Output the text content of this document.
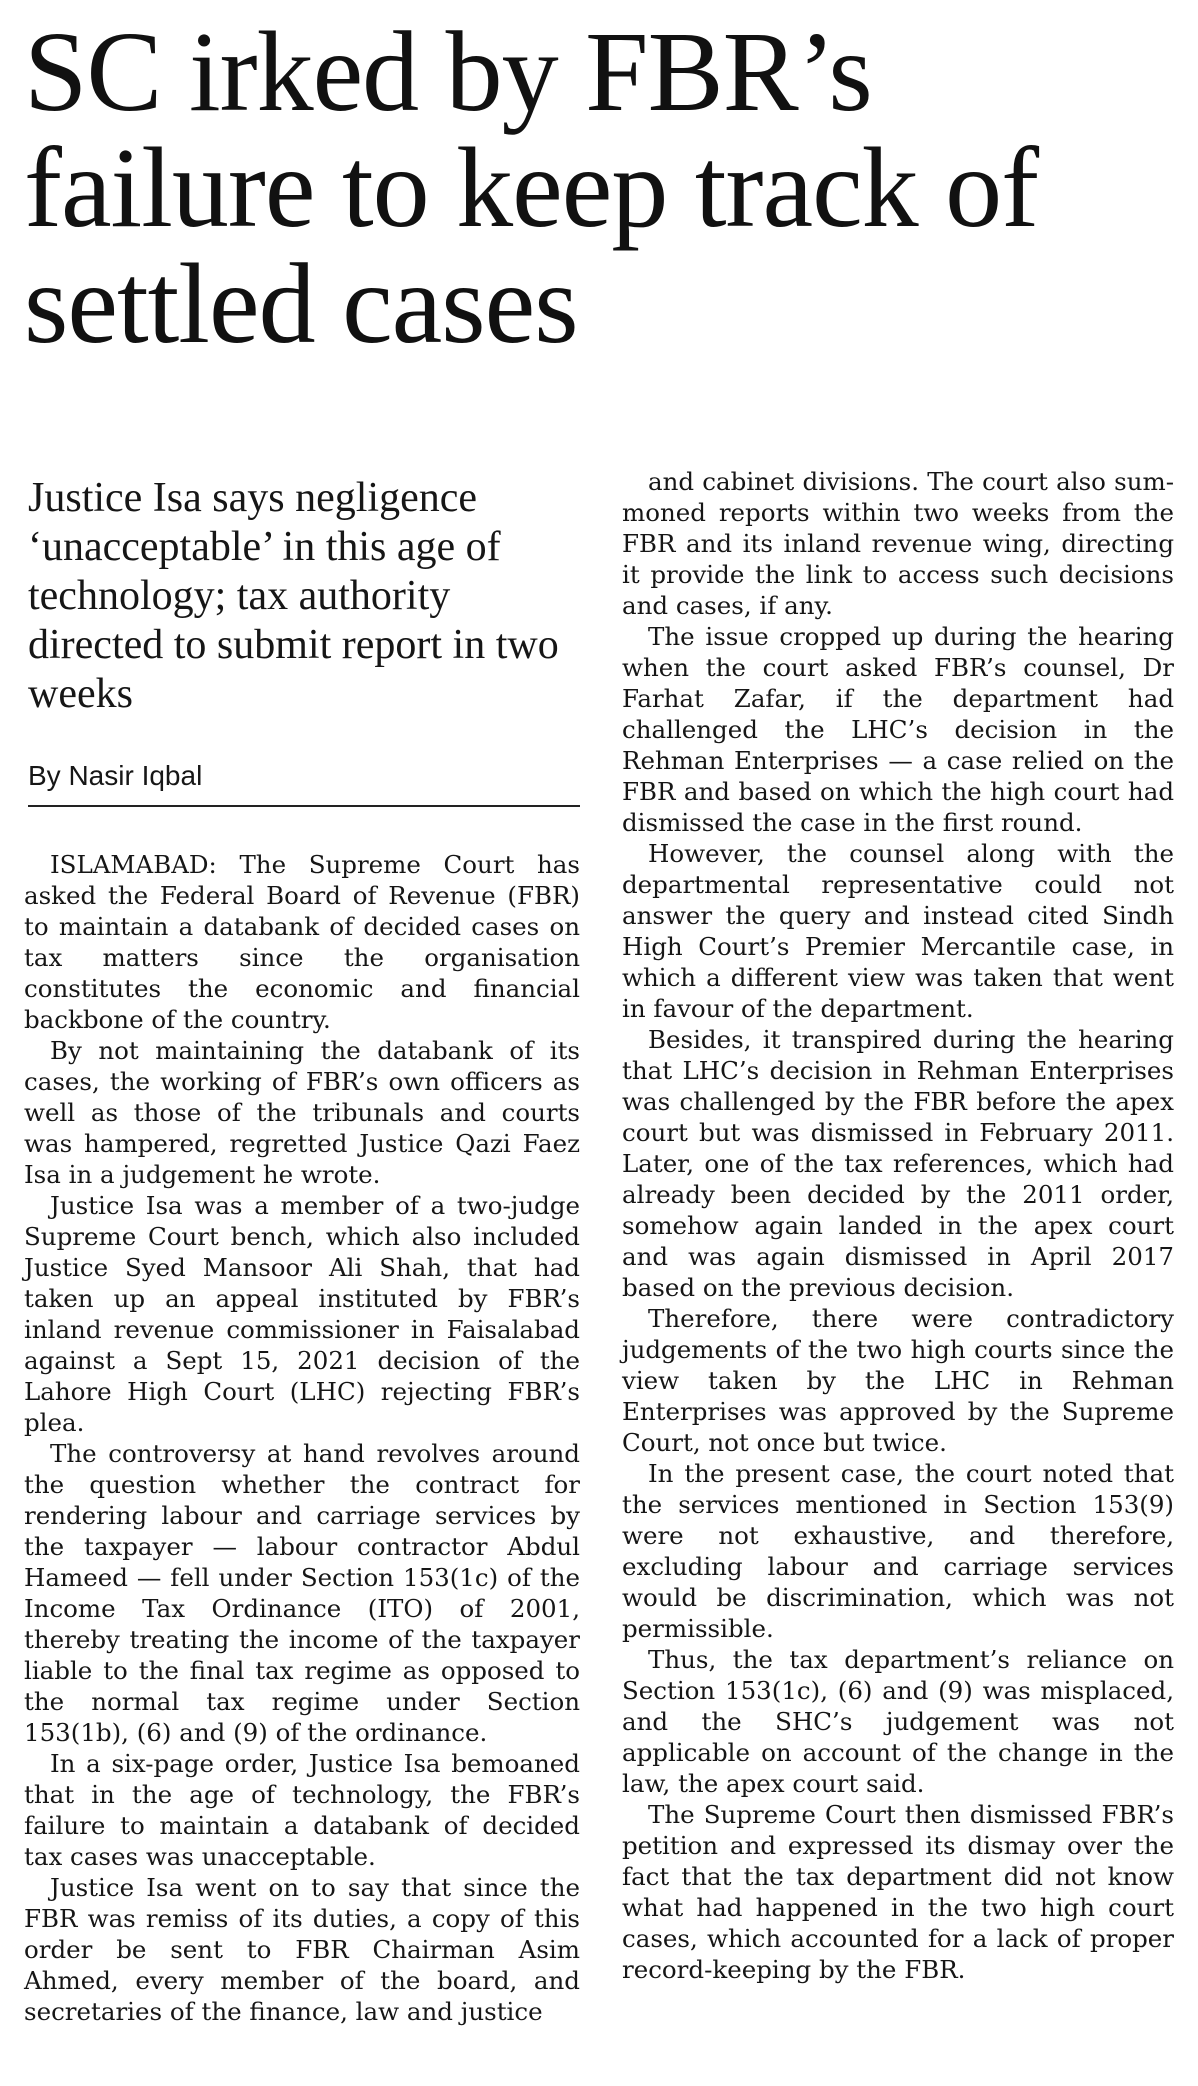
SC irked by FBR’s failure to keep track of settled cases
Justice Isa says negligence ‘unacceptable’ in this age of technology; tax authority directed to submit report in two weeks
By Nasir Iqbal

ISLAMABAD: The Supreme Court has asked the Federal Board of Revenue (FBR) to maintain a databank of decided cases on tax matters since the organisation constitutes the economic and financial backbone of the country.

By not maintaining the databank of its cases, the working of FBR’s own officers as well as those of the tribunals and courts was hampered, regretted Justice Qazi Faez Isa in a judgement he wrote.

Justice Isa was a member of a two-judge Supreme Court bench, which also included Justice Syed Mansoor Ali Shah, that had taken up an appeal instituted by FBR’s inland revenue commissioner in Faisalabad against a Sept 15, 2021 decision of the Lahore High Court (LHC) rejecting FBR’s plea.

The controversy at hand revolves around the question whether the contract for rendering labour and carriage services by the taxpayer — labour contractor Abdul Hameed — fell under Section 153(1c) of the Income Tax Ordinance (ITO) of 2001, thereby treating the income of the taxpayer liable to the final tax regime as opposed to the normal tax regime under Section 153(1b), (6) and (9) of the ordinance.

In a six-page order, Justice Isa bemoaned that in the age of technology, the FBR’s failure to maintain a databank of decided tax cases was unacceptable.

Justice Isa went on to say that since the FBR was remiss of its duties, a copy of this order be sent to FBR Chairman Asim Ahmed, every member of the board, and secretaries of the finance, law and justice

and cabinet divisions. The court also summoned reports within two weeks from the FBR and its inland revenue wing, directing it provide the link to access such decisions and cases, if any.

The issue cropped up during the hearing when the court asked FBR’s counsel, Dr Farhat Zafar, if the department had challenged the LHC’s decision in the Rehman Enterprises — a case relied on the FBR and based on which the high court had dismissed the case in the first round.

However, the counsel along with the departmental representative could not answer the query and instead cited Sindh High Court’s Premier Mercantile case, in which a different view was taken that went in favour of the department.

Besides, it transpired during the hearing that LHC’s decision in Rehman Enterprises was challenged by the FBR before the apex court but was dismissed in February 2011. Later, one of the tax references, which had already been decided by the 2011 order, somehow again landed in the apex court and was again dismissed in April 2017 based on the previous decision.

Therefore, there were contradictory judgements of the two high courts since the view taken by the LHC in Rehman Enterprises was approved by the Supreme Court, not once but twice.

In the present case, the court noted that the services mentioned in Section 153(9) were not exhaustive, and therefore, excluding labour and carriage services would be discrimination, which was not permissible.

Thus, the tax department’s reliance on Section 153(1c), (6) and (9) was misplaced, and the SHC’s judgement was not applicable on account of the change in the law, the apex court said.

The Supreme Court then dismissed FBR’s petition and expressed its dismay over the fact that the tax department did not know what had happened in the two high court cases, which accounted for a lack of proper record-keeping by the FBR.
